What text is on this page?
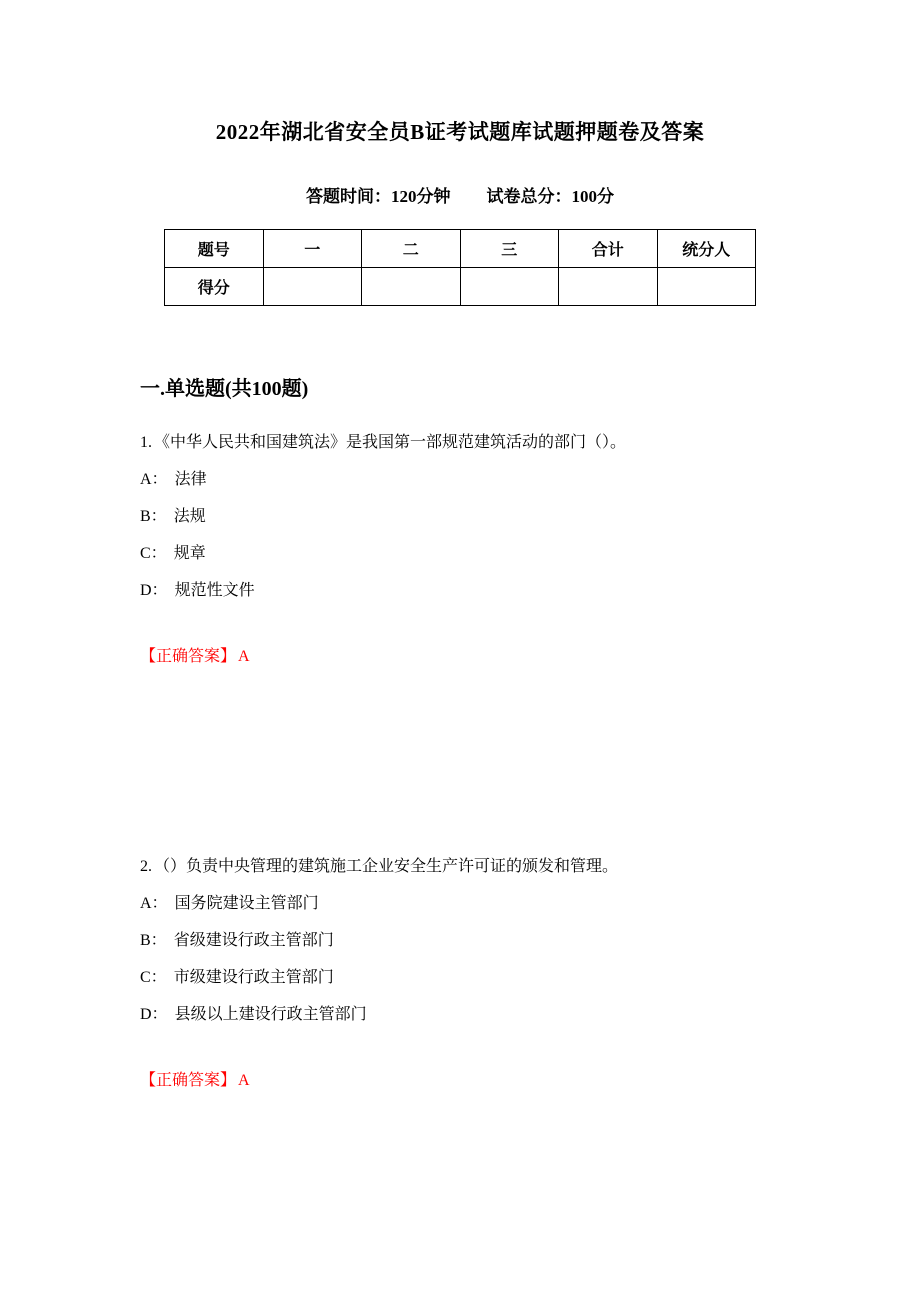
2022年湖北省安全员B证考试题库试题押题卷及答案
答题时间：120分钟 试卷总分：100分
题号	一	二	三	合计	统分人
得分					
一.单选题(共100题)
1. 《中华人民共和国建筑法》是我国第一部规范建筑活动的部门（）。
A： 法律
B： 法规
C： 规章
D： 规范性文件
【正确答案】 A
2. （）负责中央管理的建筑施工企业安全生产许可证的颁发和管理。
A： 国务院建设主管部门
B： 省级建设行政主管部门
C： 市级建设行政主管部门
D： 县级以上建设行政主管部门
【正确答案】 A
